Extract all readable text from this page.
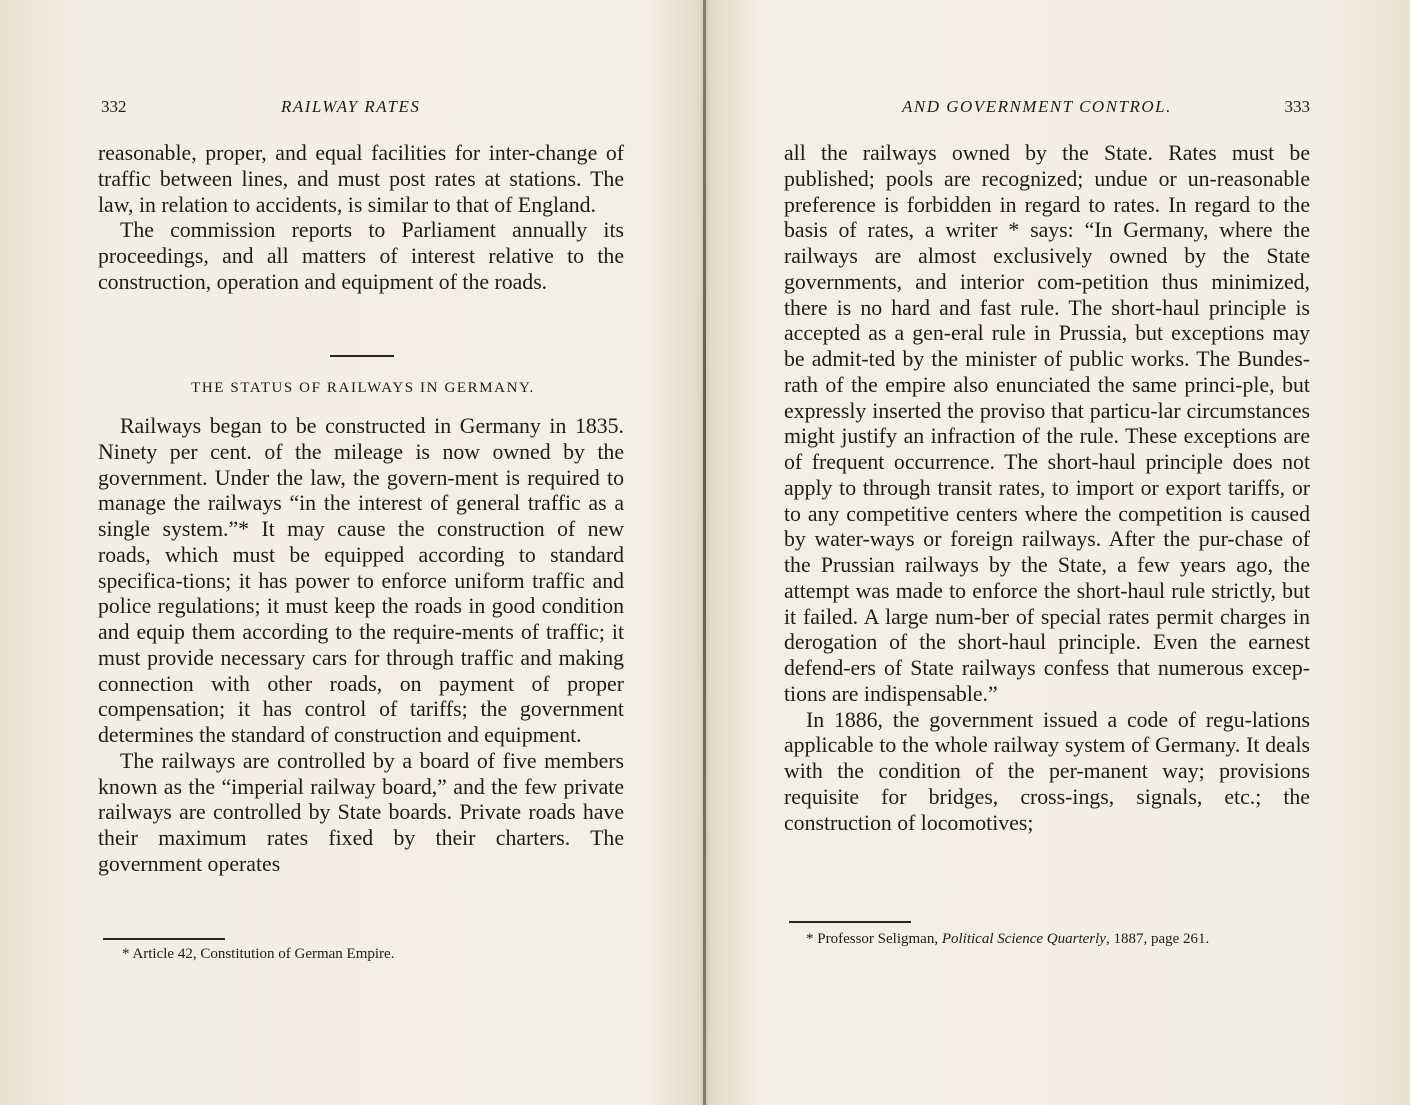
332	RAILWAY RATES

reasonable, proper, and equal facilities for inter-change of traffic between lines, and must post rates at stations. The law, in relation to accidents, is similar to that of England.

The commission reports to Parliament annually its proceedings, and all matters of interest relative to the construction, operation and equipment of the roads.

THE STATUS OF RAILWAYS IN GERMANY.

Railways began to be constructed in Germany in 1835. Ninety per cent. of the mileage is now owned by the government. Under the law, the govern-ment is required to manage the railways “in the interest of general traffic as a single system.”* It may cause the construction of new roads, which must be equipped according to standard specifica-tions; it has power to enforce uniform traffic and police regulations; it must keep the roads in good condition and equip them according to the require-ments of traffic; it must provide necessary cars for through traffic and making connection with other roads, on payment of proper compensation; it has control of tariffs; the government determines the standard of construction and equipment.

The railways are controlled by a board of five members known as the “imperial railway board,” and the few private railways are controlled by State boards. Private roads have their maximum rates fixed by their charters. The government operates

* Article 42, Constitution of German Empire.
AND GOVERNMENT CONTROL.	333

all the railways owned by the State. Rates must be published; pools are recognized; undue or un-reasonable preference is forbidden in regard to rates. In regard to the basis of rates, a writer * says: “In Germany, where the railways are almost exclusively owned by the State governments, and interior com-petition thus minimized, there is no hard and fast rule. The short-haul principle is accepted as a gen-eral rule in Prussia, but exceptions may be admit-ted by the minister of public works. The Bundes-rath of the empire also enunciated the same princi-ple, but expressly inserted the proviso that particu-lar circumstances might justify an infraction of the rule. These exceptions are of frequent occurrence. The short-haul principle does not apply to through transit rates, to import or export tariffs, or to any competitive centers where the competition is caused by water-ways or foreign railways. After the pur-chase of the Prussian railways by the State, a few years ago, the attempt was made to enforce the short-haul rule strictly, but it failed. A large num-ber of special rates permit charges in derogation of the short-haul principle. Even the earnest defend-ers of State railways confess that numerous excep-tions are indispensable.”

In 1886, the government issued a code of regu-lations applicable to the whole railway system of Germany. It deals with the condition of the per-manent way; provisions requisite for bridges, cross-ings, signals, etc.; the construction of locomotives;

* Professor Seligman, Political Science Quarterly, 1887, page 261.
